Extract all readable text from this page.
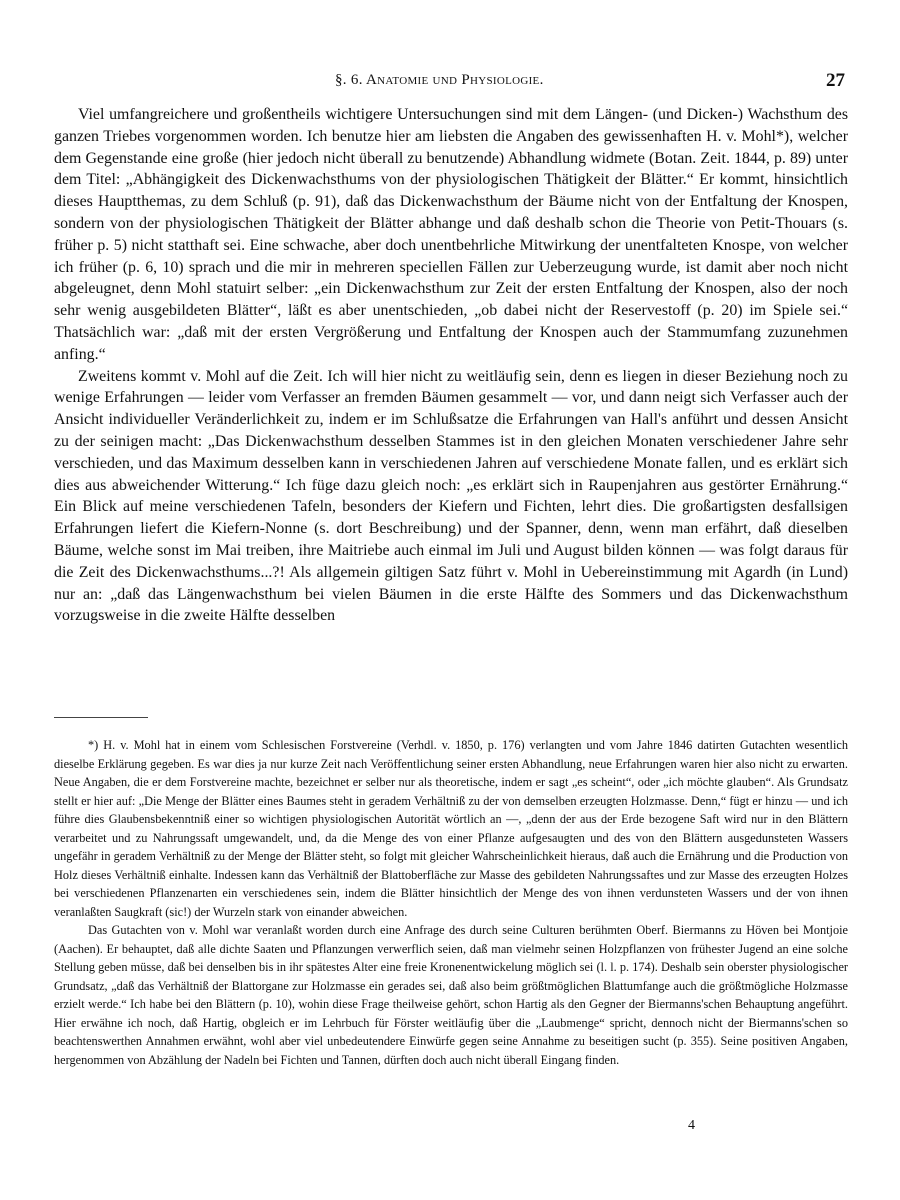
§. 6. Anatomie und Physiologie.	27

Viel umfangreichere und großentheils wichtigere Untersuchungen sind mit dem Längen- (und Dicken-) Wachsthum des ganzen Triebes vorgenommen worden. Ich benutze hier am liebsten die Angaben des gewissenhaften H. v. Mohl*), welcher dem Gegenstande eine große (hier jedoch nicht überall zu benutzende) Abhandlung widmete (Botan. Zeit. 1844, p. 89) unter dem Titel: „Abhängigkeit des Dickenwachsthums von der physiologischen Thätigkeit der Blätter.“ Er kommt, hinsichtlich dieses Hauptthemas, zu dem Schluß (p. 91), daß das Dickenwachsthum der Bäume nicht von der Entfaltung der Knospen, sondern von der physiologischen Thätigkeit der Blätter abhange und daß deshalb schon die Theorie von Petit-Thouars (s. früher p. 5) nicht statthaft sei. Eine schwache, aber doch unentbehrliche Mitwirkung der unentfalteten Knospe, von welcher ich früher (p. 6, 10) sprach und die mir in mehreren speciellen Fällen zur Ueberzeugung wurde, ist damit aber noch nicht abgeleugnet, denn Mohl statuirt selber: „ein Dickenwachsthum zur Zeit der ersten Entfaltung der Knospen, also der noch sehr wenig ausgebildeten Blätter“, läßt es aber unentschieden, „ob dabei nicht der Reservestoff (p. 20) im Spiele sei.“ Thatsächlich war: „daß mit der ersten Vergrößerung und Entfaltung der Knospen auch der Stammumfang zuzunehmen anfing.“

Zweitens kommt v. Mohl auf die Zeit. Ich will hier nicht zu weitläufig sein, denn es liegen in dieser Beziehung noch zu wenige Erfahrungen — leider vom Verfasser an fremden Bäumen gesammelt — vor, und dann neigt sich Verfasser auch der Ansicht individueller Veränderlichkeit zu, indem er im Schlußsatze die Erfahrungen van Hall's anführt und dessen Ansicht zu der seinigen macht: „Das Dickenwachsthum desselben Stammes ist in den gleichen Monaten verschiedener Jahre sehr verschieden, und das Maximum desselben kann in verschiedenen Jahren auf verschiedene Monate fallen, und es erklärt sich dies aus abweichender Witterung.“ Ich füge dazu gleich noch: „es erklärt sich in Raupenjahren aus gestörter Ernährung.“ Ein Blick auf meine verschiedenen Tafeln, besonders der Kiefern und Fichten, lehrt dies. Die großartigsten desfallsigen Erfahrungen liefert die Kiefern-Nonne (s. dort Beschreibung) und der Spanner, denn, wenn man erfährt, daß dieselben Bäume, welche sonst im Mai treiben, ihre Maitriebe auch einmal im Juli und August bilden können — was folgt daraus für die Zeit des Dickenwachsthums...?! Als allgemein giltigen Satz führt v. Mohl in Uebereinstimmung mit Agardh (in Lund) nur an: „daß das Längenwachsthum bei vielen Bäumen in die erste Hälfte des Sommers und das Dickenwachsthum vorzugsweise in die zweite Hälfte desselben

*) H. v. Mohl hat in einem vom Schlesischen Forstvereine (Verhdl. v. 1850, p. 176) verlangten und vom Jahre 1846 datirten Gutachten wesentlich dieselbe Erklärung gegeben. Es war dies ja nur kurze Zeit nach Veröffentlichung seiner ersten Abhandlung, neue Erfahrungen waren hier also nicht zu erwarten. Neue Angaben, die er dem Forstvereine machte, bezeichnet er selber nur als theoretische, indem er sagt „es scheint“, oder „ich möchte glauben“. Als Grundsatz stellt er hier auf: „Die Menge der Blätter eines Baumes steht in geradem Verhältniß zu der von demselben erzeugten Holzmasse. Denn,“ fügt er hinzu — und ich führe dies Glaubensbekenntniß einer so wichtigen physiologischen Autorität wörtlich an —, „denn der aus der Erde bezogene Saft wird nur in den Blättern verarbeitet und zu Nahrungssaft umgewandelt, und, da die Menge des von einer Pflanze aufgesaugten und des von den Blättern ausgedunsteten Wassers ungefähr in geradem Verhältniß zu der Menge der Blätter steht, so folgt mit gleicher Wahrscheinlichkeit hieraus, daß auch die Ernährung und die Production von Holz dieses Verhältniß einhalte. Indessen kann das Verhältniß der Blattoberfläche zur Masse des gebildeten Nahrungssaftes und zur Masse des erzeugten Holzes bei verschiedenen Pflanzenarten ein verschiedenes sein, indem die Blätter hinsichtlich der Menge des von ihnen verdunsteten Wassers und der von ihnen veranlaßten Saugkraft (sic!) der Wurzeln stark von einander abweichen.

Das Gutachten von v. Mohl war veranlaßt worden durch eine Anfrage des durch seine Culturen berühmten Oberf. Biermanns zu Höven bei Montjoie (Aachen). Er behauptet, daß alle dichte Saaten und Pflanzungen verwerflich seien, daß man vielmehr seinen Holzpflanzen von frühester Jugend an eine solche Stellung geben müsse, daß bei denselben bis in ihr spätestes Alter eine freie Kronenentwickelung möglich sei (l. l. p. 174). Deshalb sein oberster physiologischer Grundsatz, „daß das Verhältniß der Blattorgane zur Holzmasse ein gerades sei, daß also beim größtmöglichen Blattumfange auch die größtmögliche Holzmasse erzielt werde.“ Ich habe bei den Blättern (p. 10), wohin diese Frage theilweise gehört, schon Hartig als den Gegner der Biermanns'schen Behauptung angeführt. Hier erwähne ich noch, daß Hartig, obgleich er im Lehrbuch für Förster weitläufig über die „Laubmenge“ spricht, dennoch nicht der Biermanns'schen so beachtenswerthen Annahmen erwähnt, wohl aber viel unbedeutendere Einwürfe gegen seine Annahme zu beseitigen sucht (p. 355). Seine positiven Angaben, hergenommen von Abzählung der Nadeln bei Fichten und Tannen, dürften doch auch nicht überall Eingang finden.

4
